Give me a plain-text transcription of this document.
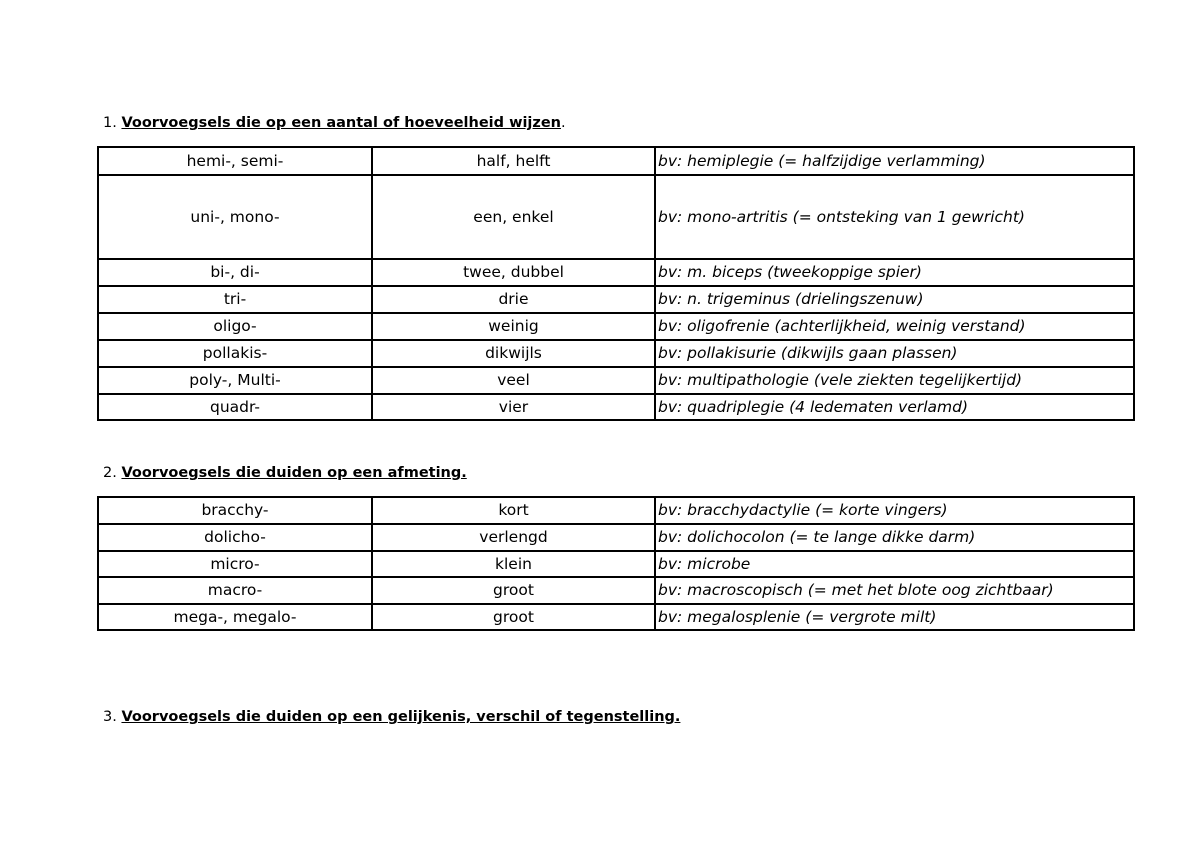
1. Voorvoegsels die op een aantal of hoeveelheid wijzen.
hemi-, semi-	half, helft	bv: hemiplegie (= halfzijdige verlamming)
uni-, mono-	een, enkel	bv: mono-artritis (= ontsteking van 1 gewricht)
bi-, di-	twee, dubbel	bv: m. biceps (tweekoppige spier)
tri-	drie	bv: n. trigeminus (drielingszenuw)
oligo-	weinig	bv: oligofrenie (achterlijkheid, weinig verstand)
pollakis-	dikwijls	bv: pollakisurie (dikwijls gaan plassen)
poly-, Multi-	veel	bv: multipathologie (vele ziekten tegelijkertijd)
quadr-	vier	bv: quadriplegie (4 ledematen verlamd)
2. Voorvoegsels die duiden op een afmeting.
bracchy-	kort	bv: bracchydactylie (= korte vingers)
dolicho-	verlengd	bv: dolichocolon (= te lange dikke darm)
micro-	klein	bv: microbe
macro-	groot	bv: macroscopisch (= met het blote oog zichtbaar)
mega-, megalo-	groot	bv: megalosplenie (= vergrote milt)
3. Voorvoegsels die duiden op een gelijkenis, verschil of tegenstelling.
